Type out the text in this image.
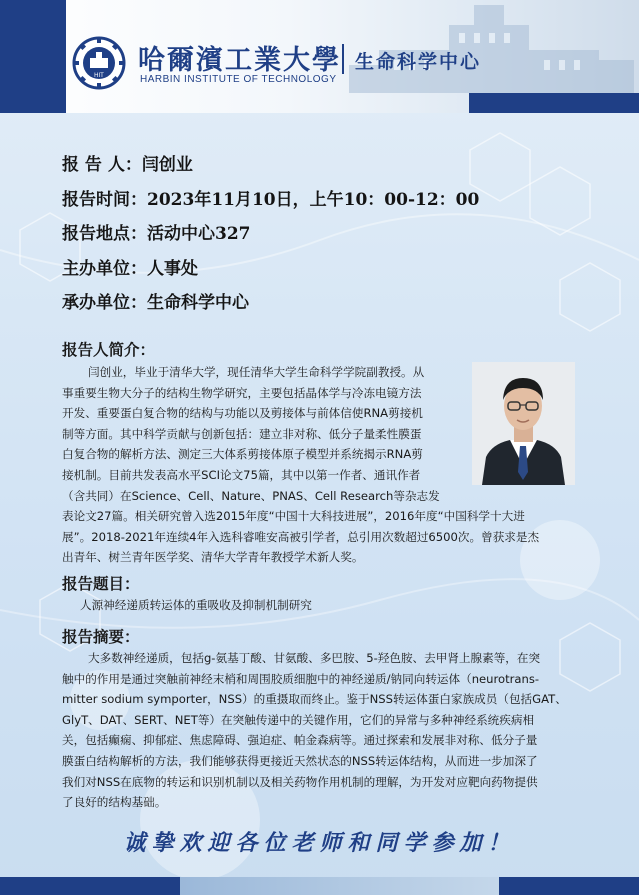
HIT 哈爾濱工業大學
HARBIN INSTITUTE OF TECHNOLOGY
生命科学中心
报 告 人：闫创业
报告时间：2023年11月10日，上午10：00-12：00
报告地点：活动中心327
主办单位：人事处
承办单位：生命科学中心
报告人简介：
闫创业，毕业于清华大学，现任清华大学生命科学学院副教授。从
事重要生物大分子的结构生物学研究，主要包括晶体学与冷冻电镜方法
开发、重要蛋白复合物的结构与功能以及剪接体与前体信使RNA剪接机
制等方面。其中科学贡献与创新包括：建立非对称、低分子量柔性膜蛋
白复合物的解析方法、测定三大体系剪接体原子模型并系统揭示RNA剪
接机制。目前共发表高水平SCI论文75篇，其中以第一作者、通讯作者
（含共同）在Science、Cell、Nature、PNAS、Cell Research等杂志发
表论文27篇。相关研究曾入选2015年度“中国十大科技进展”，2016年度“中国科学十大进
展”。2018-2021年连续4年入选科睿唯安高被引学者，总引用次数超过6500次。曾获求是杰
出青年、树兰青年医学奖、清华大学青年教授学术新人奖。
报告题目：
人源神经递质转运体的重吸收及抑制机制研究
报告摘要：
大多数神经递质，包括g-氨基丁酸、甘氨酸、多巴胺、5-羟色胺、去甲肾上腺素等，在突
触中的作用是通过突触前神经末梢和周围胶质细胞中的神经递质/钠同向转运体（neurotrans-
mitter sodium symporter，NSS）的重摄取而终止。鉴于NSS转运体蛋白家族成员（包括GAT、
GlyT、DAT、SERT、NET等）在突触传递中的关键作用，它们的异常与多种神经系统疾病相
关，包括癫痫、抑郁症、焦虑障碍、强迫症、帕金森病等。通过探索和发展非对称、低分子量
膜蛋白结构解析的方法，我们能够获得更接近天然状态的NSS转运体结构，从而进一步加深了
我们对NSS在底物的转运和识别机制以及相关药物作用机制的理解，为开发对应靶向药物提供
了良好的结构基础。
诚挚欢迎各位老师和同学参加！
